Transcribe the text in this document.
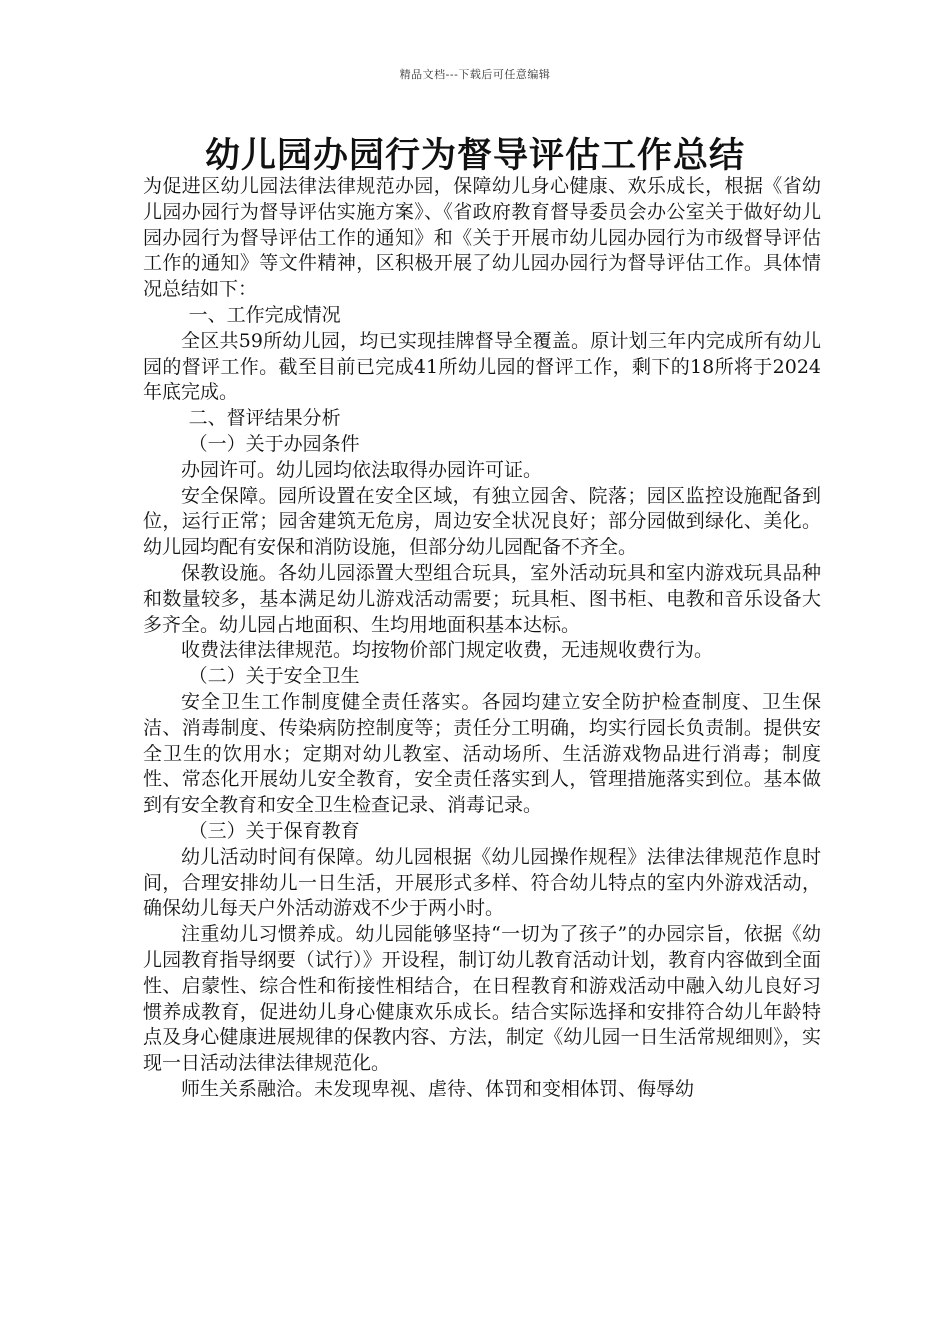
精品文档---下载后可任意编辑
幼儿园办园行为督导评估工作总结

为促进区幼儿园法律法律规范办园，保障幼儿身心健康、欢乐成长，根据《省幼儿园办园行为督导评估实施方案》、《省政府教育督导委员会办公室关于做好幼儿园办园行为督导评估工作的通知》和《关于开展市幼儿园办园行为市级督导评估工作的通知》等文件精神，区积极开展了幼儿园办园行为督导评估工作。具体情况总结如下：

一、工作完成情况

全区共59所幼儿园，均已实现挂牌督导全覆盖。原计划三年内完成所有幼儿园的督评工作。截至目前已完成41所幼儿园的督评工作，剩下的18所将于2024年底完成。

二、督评结果分析

（一）关于办园条件

办园许可。幼儿园均依法取得办园许可证。

安全保障。园所设置在安全区域，有独立园舍、院落；园区监控设施配备到位，运行正常；园舍建筑无危房，周边安全状况良好；部分园做到绿化、美化。幼儿园均配有安保和消防设施，但部分幼儿园配备不齐全。

保教设施。各幼儿园添置大型组合玩具，室外活动玩具和室内游戏玩具品种和数量较多，基本满足幼儿游戏活动需要；玩具柜、图书柜、电教和音乐设备大多齐全。幼儿园占地面积、生均用地面积基本达标。

收费法律法律规范。均按物价部门规定收费，无违规收费行为。

（二）关于安全卫生

安全卫生工作制度健全责任落实。各园均建立安全防护检查制度、卫生保洁、消毒制度、传染病防控制度等；责任分工明确，均实行园长负责制。提供安全卫生的饮用水；定期对幼儿教室、活动场所、生活游戏物品进行消毒；制度性、常态化开展幼儿安全教育，安全责任落实到人，管理措施落实到位。基本做到有安全教育和安全卫生检查记录、消毒记录。

（三）关于保育教育

幼儿活动时间有保障。幼儿园根据《幼儿园操作规程》法律法律规范作息时间，合理安排幼儿一日生活，开展形式多样、符合幼儿特点的室内外游戏活动，确保幼儿每天户外活动游戏不少于两小时。

注重幼儿习惯养成。幼儿园能够坚持“一切为了孩子”的办园宗旨，依据《幼儿园教育指导纲要（试行）》开设程，制订幼儿教育活动计划，教育内容做到全面性、启蒙性、综合性和衔接性相结合，在日程教育和游戏活动中融入幼儿良好习惯养成教育，促进幼儿身心健康欢乐成长。结合实际选择和安排符合幼儿年龄特点及身心健康进展规律的保教内容、方法，制定《幼儿园一日生活常规细则》，实现一日活动法律法律规范化。

师生关系融洽。未发现卑视、虐待、体罚和变相体罚、侮辱幼
